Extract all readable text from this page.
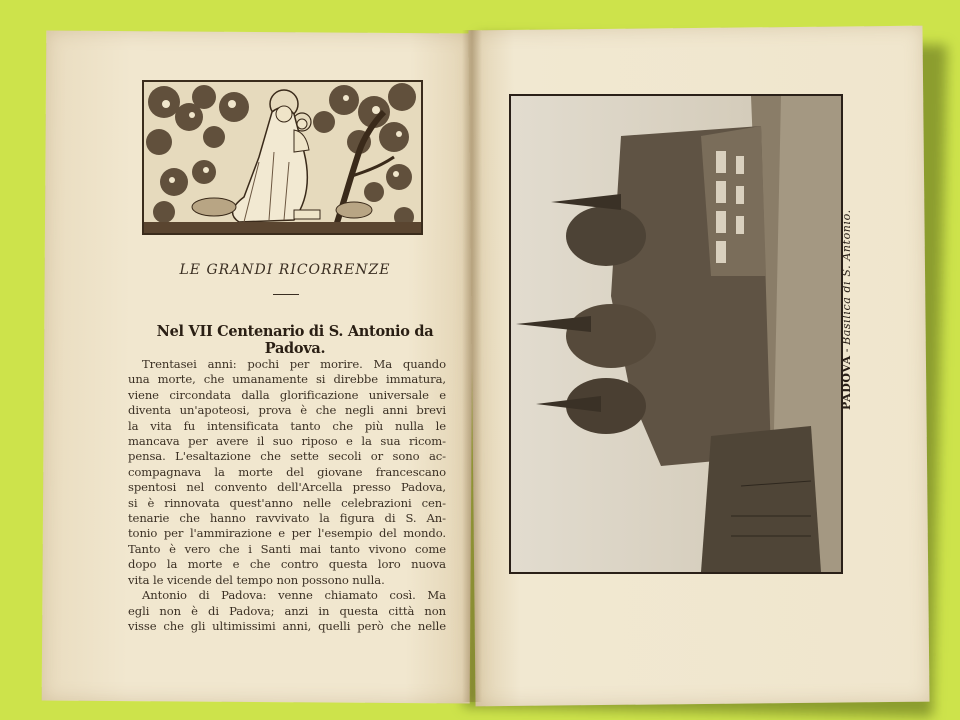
LE GRANDI RICORRENZE
Nel VII Centenario di S. Antonio da Padova.
Trentasei anni: pochi per morire. Ma quando
una morte, che umanamente si direbbe immatura,
viene circondata dalla glorificazione universale e
diventa un'apoteosi, prova è che negli anni brevi
la vita fu intensificata tanto che più nulla le
mancava per avere il suo riposo e la sua ricom-
pensa. L'esaltazione che sette secoli or sono ac-
compagnava la morte del giovane francescano
spentosi nel convento dell'Arcella presso Padova,
si è rinnovata quest'anno nelle celebrazioni cen-
tenarie che hanno ravvivato la figura di S. An-
tonio per l'ammirazione e per l'esempio del mondo.
Tanto è vero che i Santi mai tanto vivono come
dopo la morte e che contro questa loro nuova
vita le vicende del tempo non possono nulla.
Antonio di Padova: venne chiamato così. Ma
egli non è di Padova; anzi in questa città non
visse che gli ultimissimi anni, quelli però che nelle
PADOVA-Basilica di S. Antonio.
